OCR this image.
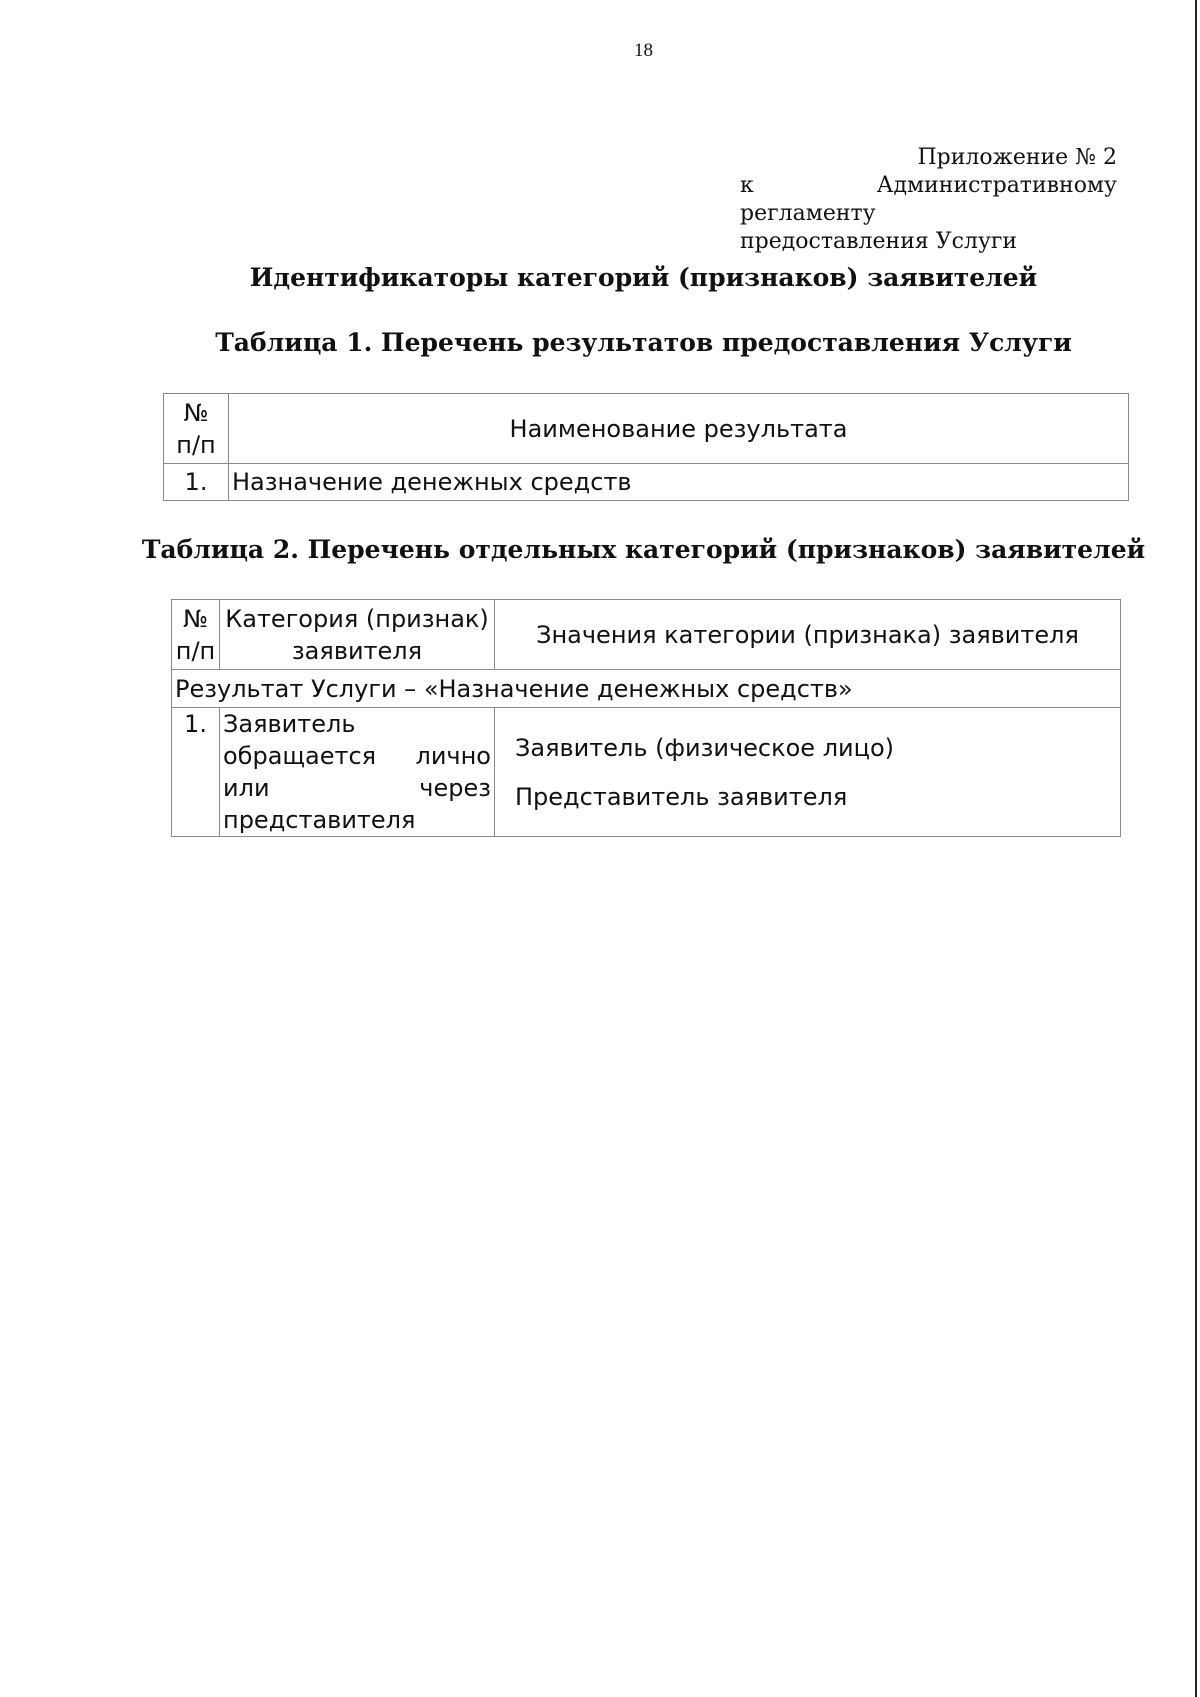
18
Приложение № 2
к Административному регламенту
предоставления Услуги
Идентификаторы категорий (признаков) заявителей
Таблица 1. Перечень результатов предоставления Услуги
№
п/п	Наименование результата
1.	Назначение денежных средств
Таблица 2. Перечень отдельных категорий (признаков) заявителей
№
п/п	Категория (признак) заявителя	Значения категории (признака) заявителя
Результат Услуги – «Назначение денежных средств»		
1.	Заявитель обращается лично или через представителя	Заявитель (физическое лицо)
Представитель заявителя
